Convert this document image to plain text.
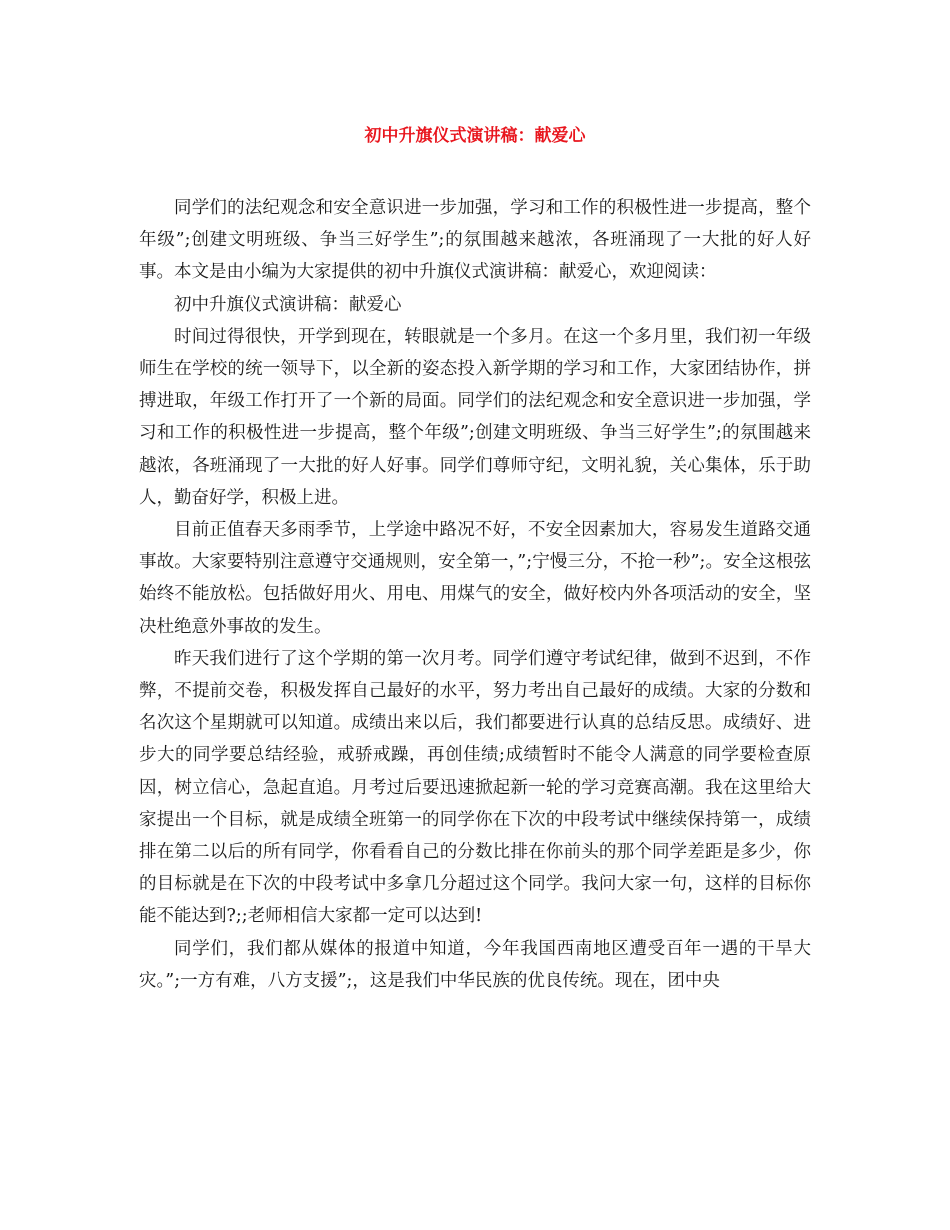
初中升旗仪式演讲稿：献爱心

同学们的法纪观念和安全意识进一步加强，学习和工作的积极性进一步提高，整个年级”;创建文明班级、争当三好学生”;的氛围越来越浓，各班涌现了一大批的好人好事。本文是由小编为大家提供的初中升旗仪式演讲稿：献爱心，欢迎阅读：

初中升旗仪式演讲稿：献爱心

时间过得很快，开学到现在，转眼就是一个多月。在这一个多月里，我们初一年级师生在学校的统一领导下，以全新的姿态投入新学期的学习和工作，大家团结协作，拼搏进取，年级工作打开了一个新的局面。同学们的法纪观念和安全意识进一步加强，学习和工作的积极性进一步提高，整个年级”;创建文明班级、争当三好学生”;的氛围越来越浓，各班涌现了一大批的好人好事。同学们尊师守纪，文明礼貌，关心集体，乐于助人，勤奋好学，积极上进。

目前正值春天多雨季节，上学途中路况不好，不安全因素加大，容易发生道路交通事故。大家要特别注意遵守交通规则，安全第一，”;宁慢三分，不抢一秒”;。安全这根弦始终不能放松。包括做好用火、用电、用煤气的安全，做好校内外各项活动的安全，坚决杜绝意外事故的发生。

昨天我们进行了这个学期的第一次月考。同学们遵守考试纪律，做到不迟到，不作弊，不提前交卷，积极发挥自己最好的水平，努力考出自己最好的成绩。大家的分数和名次这个星期就可以知道。成绩出来以后，我们都要进行认真的总结反思。成绩好、进步大的同学要总结经验，戒骄戒躁，再创佳绩;成绩暂时不能令人满意的同学要检查原因，树立信心，急起直追。月考过后要迅速掀起新一轮的学习竞赛高潮。我在这里给大家提出一个目标，就是成绩全班第一的同学你在下次的中段考试中继续保持第一，成绩排在第二以后的所有同学，你看看自己的分数比排在你前头的那个同学差距是多少，你的目标就是在下次的中段考试中多拿几分超过这个同学。我问大家一句，这样的目标你能不能达到?;;老师相信大家都一定可以达到!

同学们，我们都从媒体的报道中知道，今年我国西南地区遭受百年一遇的干旱大灾。”;一方有难，八方支援”;，这是我们中华民族的优良传统。现在，团中央
